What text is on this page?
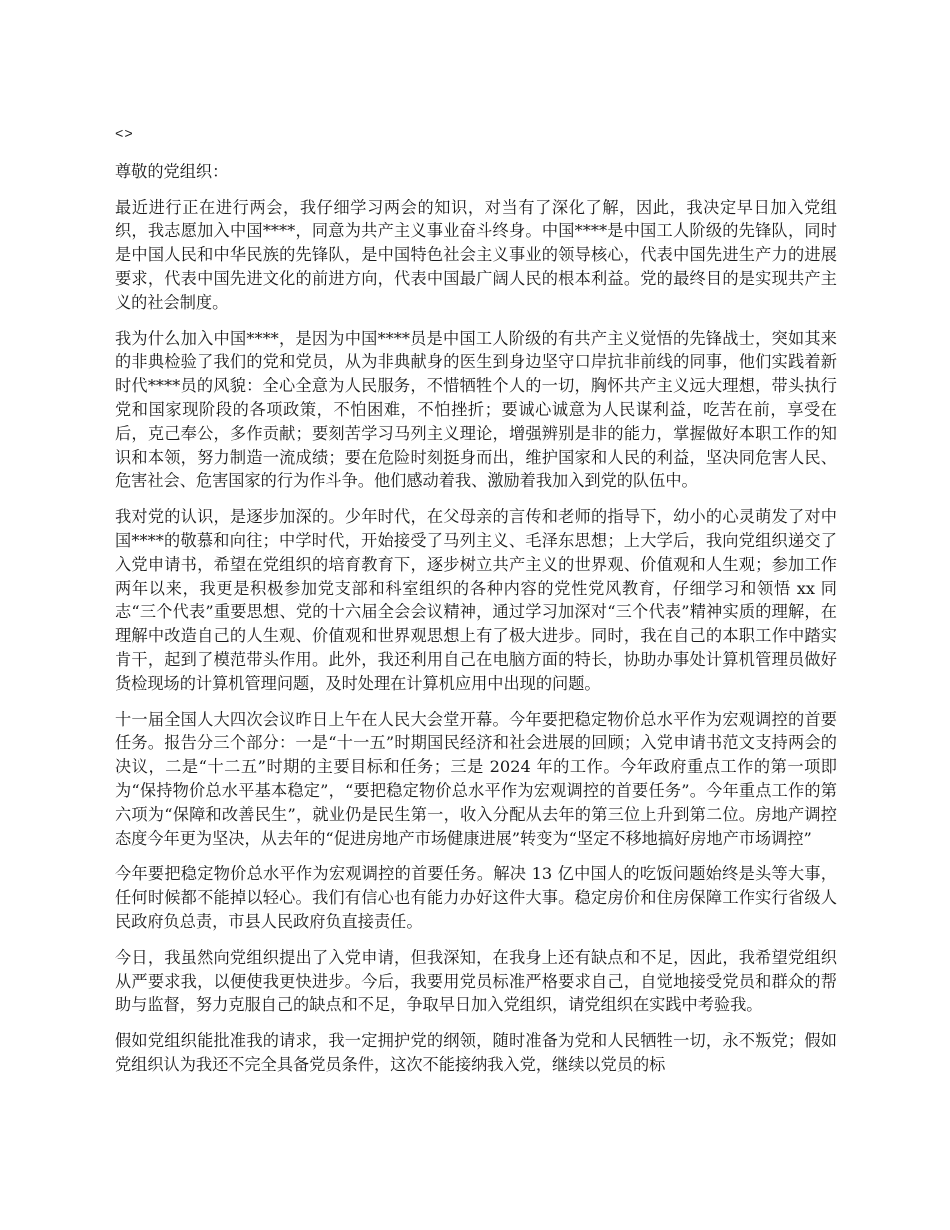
<>
尊敬的党组织：

最近进行正在进行两会，我仔细学习两会的知识，对当有了深化了解，因此，我决定早日加入党组织，我志愿加入中国****，同意为共产主义事业奋斗终身。中国****是中国工人阶级的先锋队，同时是中国人民和中华民族的先锋队，是中国特色社会主义事业的领导核心，代表中国先进生产力的进展要求，代表中国先进文化的前进方向，代表中国最广阔人民的根本利益。党的最终目的是实现共产主义的社会制度。

我为什么加入中国****，是因为中国****员是中国工人阶级的有共产主义觉悟的先锋战士，突如其来的非典检验了我们的党和党员，从为非典献身的医生到身边坚守口岸抗非前线的同事，他们实践着新时代****员的风貌：全心全意为人民服务，不惜牺牲个人的一切，胸怀共产主义远大理想，带头执行党和国家现阶段的各项政策，不怕困难，不怕挫折；要诚心诚意为人民谋利益，吃苦在前，享受在后，克己奉公，多作贡献；要刻苦学习马列主义理论，增强辨别是非的能力，掌握做好本职工作的知识和本领，努力制造一流成绩；要在危险时刻挺身而出，维护国家和人民的利益，坚决同危害人民、危害社会、危害国家的行为作斗争。他们感动着我、激励着我加入到党的队伍中。

我对党的认识，是逐步加深的。少年时代，在父母亲的言传和老师的指导下，幼小的心灵萌发了对中国****的敬慕和向往；中学时代，开始接受了马列主义、毛泽东思想；上大学后，我向党组织递交了入党申请书，希望在党组织的培育教育下，逐步树立共产主义的世界观、价值观和人生观；参加工作两年以来，我更是积极参加党支部和科室组织的各种内容的党性党风教育，仔细学习和领悟 xx 同志“三个代表”重要思想、党的十六届全会会议精神，通过学习加深对“三个代表”精神实质的理解，在理解中改造自己的人生观、价值观和世界观思想上有了极大进步。同时，我在自己的本职工作中踏实肯干，起到了模范带头作用。此外，我还利用自己在电脑方面的特长，协助办事处计算机管理员做好货检现场的计算机管理问题，及时处理在计算机应用中出现的问题。

十一届全国人大四次会议昨日上午在人民大会堂开幕。今年要把稳定物价总水平作为宏观调控的首要任务。报告分三个部分：一是“十一五”时期国民经济和社会进展的回顾；入党申请书范文支持两会的决议，二是“十二五”时期的主要目标和任务；三是 2024 年的工作。今年政府重点工作的第一项即为“保持物价总水平基本稳定”，“要把稳定物价总水平作为宏观调控的首要任务”。今年重点工作的第六项为“保障和改善民生”，就业仍是民生第一，收入分配从去年的第三位上升到第二位。房地产调控态度今年更为坚决，从去年的“促进房地产市场健康进展”转变为“坚定不移地搞好房地产市场调控”

今年要把稳定物价总水平作为宏观调控的首要任务。解决 13 亿中国人的吃饭问题始终是头等大事，任何时候都不能掉以轻心。我们有信心也有能力办好这件大事。稳定房价和住房保障工作实行省级人民政府负总责，市县人民政府负直接责任。

今日，我虽然向党组织提出了入党申请，但我深知，在我身上还有缺点和不足，因此，我希望党组织从严要求我，以便使我更快进步。今后，我要用党员标准严格要求自己，自觉地接受党员和群众的帮助与监督，努力克服自己的缺点和不足，争取早日加入党组织，请党组织在实践中考验我。

假如党组织能批准我的请求，我一定拥护党的纲领，随时准备为党和人民牺牲一切，永不叛党；假如党组织认为我还不完全具备党员条件，这次不能接纳我入党，继续以党员的标
